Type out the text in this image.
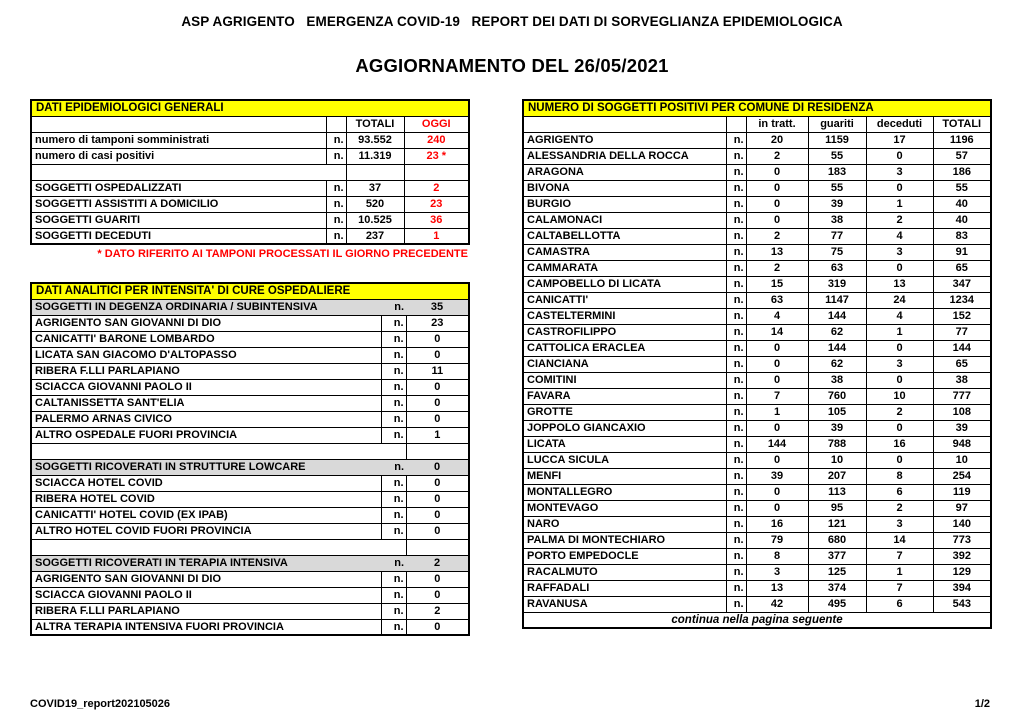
ASP AGRIGENTO   EMERGENZA COVID-19   REPORT DEI DATI DI SORVEGLIANZA EPIDEMIOLOGICA
AGGIORNAMENTO DEL 26/05/2021
DATI EPIDEMIOLOGICI GENERALI			
		TOTALI	OGGI
numero di tamponi somministrati	n.	93.552	240
numero di casi positivi	n.	11.319	23 *

SOGGETTI OSPEDALIZZATI	n.	37	2
SOGGETTI ASSISTITI A DOMICILIO	n.	520	23
SOGGETTI GUARITI	n.	10.525	36
SOGGETTI DECEDUTI	n.	237	1
* DATO RIFERITO AI TAMPONI PROCESSATI IL GIORNO PRECEDENTE
DATI ANALITICI PER INTENSITA' DI CURE OSPEDALIERE		
SOGGETTI IN DEGENZA ORDINARIA / SUBINTENSIVA	n.	35
AGRIGENTO SAN GIOVANNI DI DIO	n.	23
CANICATTI' BARONE LOMBARDO	n.	0
LICATA SAN GIACOMO D'ALTOPASSO	n.	0
RIBERA F.LLI PARLAPIANO	n.	11
SCIACCA GIOVANNI PAOLO II	n.	0
CALTANISSETTA SANT'ELIA	n.	0
PALERMO ARNAS CIVICO	n.	0
ALTRO OSPEDALE FUORI PROVINCIA	n.	1

SOGGETTI RICOVERATI IN STRUTTURE LOWCARE	n.	0
SCIACCA HOTEL COVID	n.	0
RIBERA HOTEL COVID	n.	0
CANICATTI' HOTEL COVID (EX IPAB)	n.	0
ALTRO HOTEL COVID FUORI PROVINCIA	n.	0

SOGGETTI RICOVERATI IN TERAPIA INTENSIVA	n.	2
AGRIGENTO SAN GIOVANNI DI DIO	n.	0
SCIACCA GIOVANNI PAOLO II	n.	0
RIBERA F.LLI PARLAPIANO	n.	2
ALTRA TERAPIA INTENSIVA FUORI PROVINCIA	n.	0
NUMERO DI SOGGETTI POSITIVI PER COMUNE DI RESIDENZA					
		in tratt.	guariti	deceduti	TOTALI
AGRIGENTO	n.	20	1159	17	1196
ALESSANDRIA DELLA ROCCA	n.	2	55	0	57
ARAGONA	n.	0	183	3	186
BIVONA	n.	0	55	0	55
BURGIO	n.	0	39	1	40
CALAMONACI	n.	0	38	2	40
CALTABELLOTTA	n.	2	77	4	83
CAMASTRA	n.	13	75	3	91
CAMMARATA	n.	2	63	0	65
CAMPOBELLO DI LICATA	n.	15	319	13	347
CANICATTI'	n.	63	1147	24	1234
CASTELTERMINI	n.	4	144	4	152
CASTROFILIPPO	n.	14	62	1	77
CATTOLICA ERACLEA	n.	0	144	0	144
CIANCIANA	n.	0	62	3	65
COMITINI	n.	0	38	0	38
FAVARA	n.	7	760	10	777
GROTTE	n.	1	105	2	108
JOPPOLO GIANCAXIO	n.	0	39	0	39
LICATA	n.	144	788	16	948
LUCCA SICULA	n.	0	10	0	10
MENFI	n.	39	207	8	254
MONTALLEGRO	n.	0	113	6	119
MONTEVAGO	n.	0	95	2	97
NARO	n.	16	121	3	140
PALMA DI MONTECHIARO	n.	79	680	14	773
PORTO EMPEDOCLE	n.	8	377	7	392
RACALMUTO	n.	3	125	1	129
RAFFADALI	n.	13	374	7	394
RAVANUSA	n.	42	495	6	543
continua nella pagina seguente					
COVID19_report202105026	1/2
